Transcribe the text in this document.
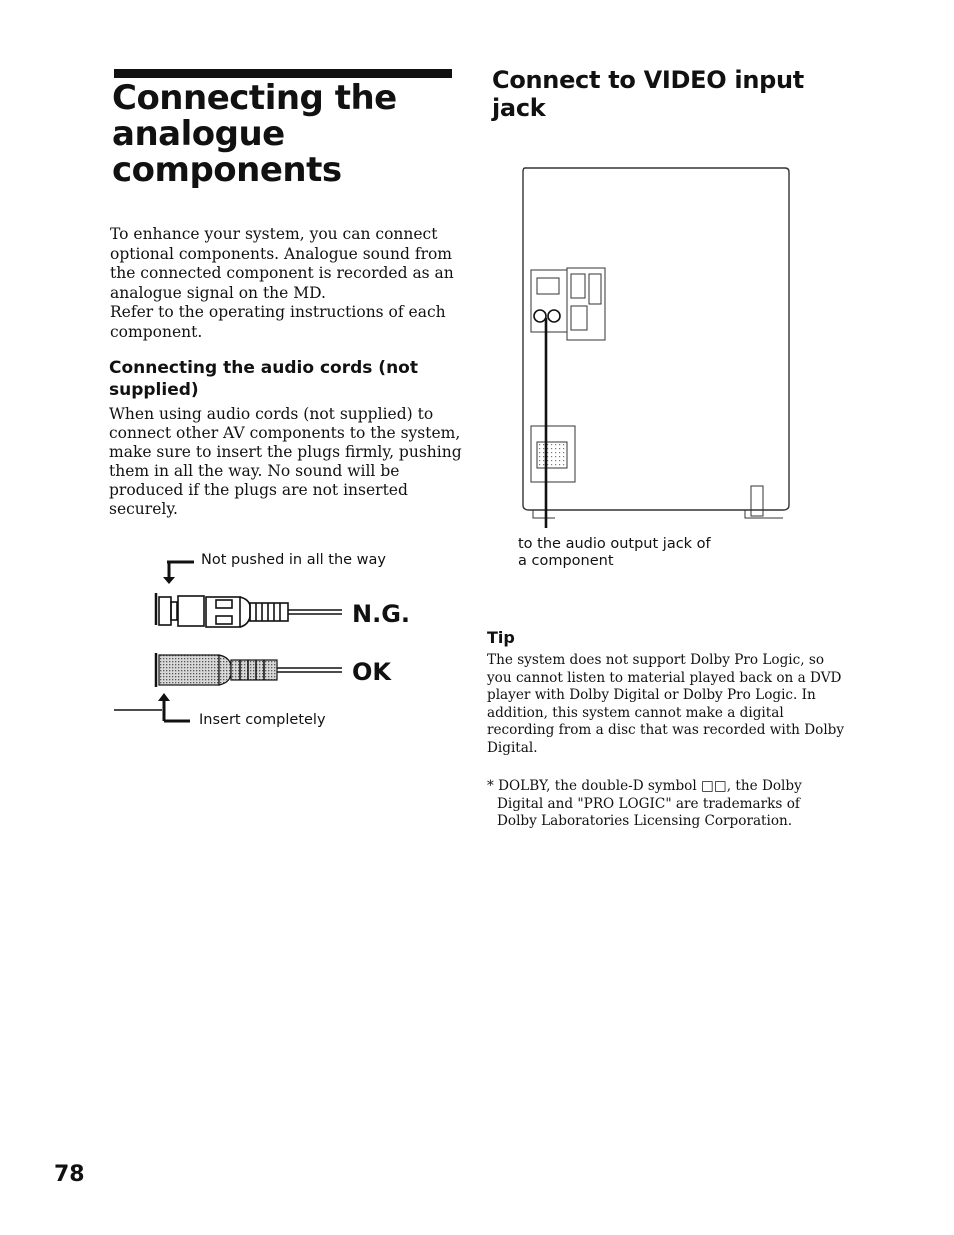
Connecting the
analogue
components
To enhance your system, you can connect
optional components. Analogue sound from
the connected component is recorded as an
analogue signal on the MD.
Refer to the operating instructions of each
component.
Connecting the audio cords (not
supplied)
When using audio cords (not supplied) to
connect other AV components to the system,
make sure to insert the plugs firmly, pushing
them in all the way. No sound will be
produced if the plugs are not inserted
securely.
Not pushed in all the way
N.G.
OK
Insert completely
Connect to VIDEO input
jack
to the audio output jack of
a component
Tip
The system does not support Dolby Pro Logic, so
you cannot listen to material played back on a DVD
player with Dolby Digital or Dolby Pro Logic. In
addition, this system cannot make a digital
recording from a disc that was recorded with Dolby
Digital.
* DOLBY, the double-D symbol □□, the Dolby
Digital and "PRO LOGIC" are trademarks of
Dolby Laboratories Licensing Corporation.
78
